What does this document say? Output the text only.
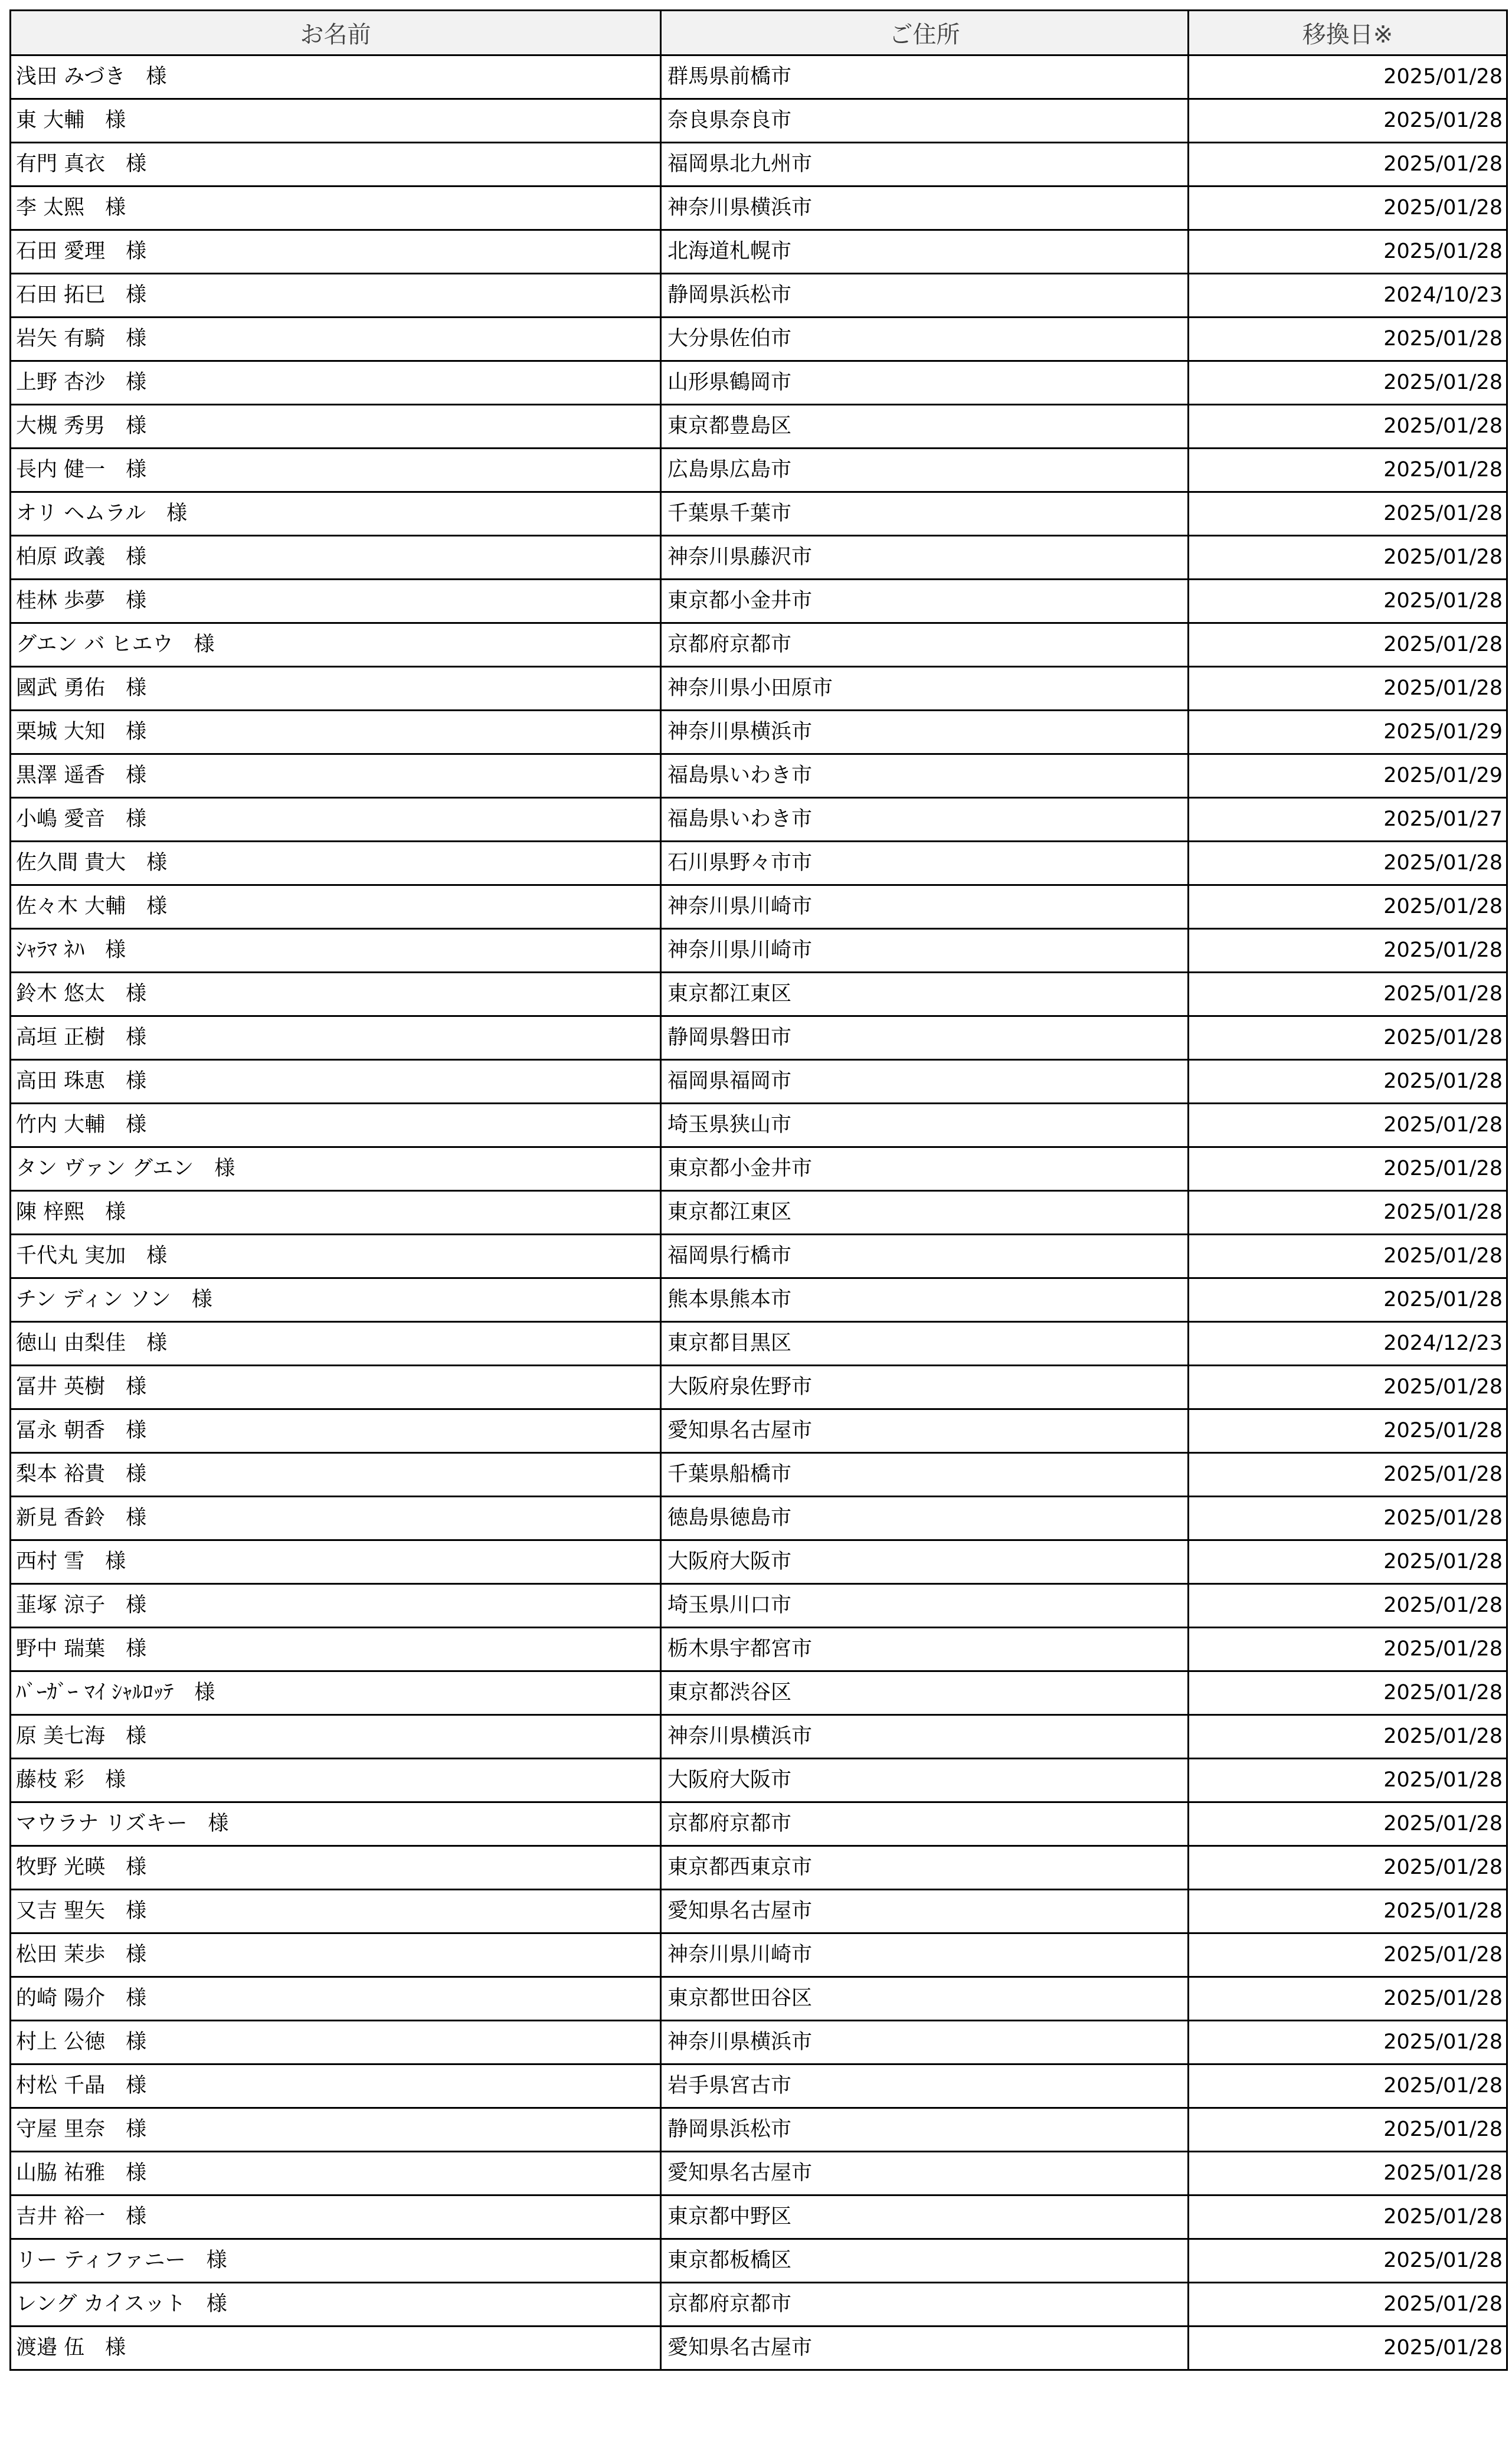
お名前	ご住所	移換日※
浅田 みづき　様	群馬県前橋市	2025/01/28
東 大輔　様	奈良県奈良市	2025/01/28
有門 真衣　様	福岡県北九州市	2025/01/28
李 太熙　様	神奈川県横浜市	2025/01/28
石田 愛理　様	北海道札幌市	2025/01/28
石田 拓巳　様	静岡県浜松市	2024/10/23
岩矢 有騎　様	大分県佐伯市	2025/01/28
上野 杏沙　様	山形県鶴岡市	2025/01/28
大槻 秀男　様	東京都豊島区	2025/01/28
長内 健一　様	広島県広島市	2025/01/28
オリ ヘムラル　様	千葉県千葉市	2025/01/28
柏原 政義　様	神奈川県藤沢市	2025/01/28
桂林 歩夢　様	東京都小金井市	2025/01/28
グエン バ ヒエウ　様	京都府京都市	2025/01/28
國武 勇佑　様	神奈川県小田原市	2025/01/28
栗城 大知　様	神奈川県横浜市	2025/01/29
黒澤 遥香　様	福島県いわき市	2025/01/29
小嶋 愛音　様	福島県いわき市	2025/01/27
佐久間 貴大　様	石川県野々市市	2025/01/28
佐々木 大輔　様	神奈川県川崎市	2025/01/28
ｼｬﾗﾏ ﾈﾊ　様	神奈川県川崎市	2025/01/28
鈴木 悠太　様	東京都江東区	2025/01/28
高垣 正樹　様	静岡県磐田市	2025/01/28
高田 珠恵　様	福岡県福岡市	2025/01/28
竹内 大輔　様	埼玉県狭山市	2025/01/28
タン ヴァン グエン　様	東京都小金井市	2025/01/28
陳 梓熙　様	東京都江東区	2025/01/28
千代丸 実加　様	福岡県行橋市	2025/01/28
チン ディン ソン　様	熊本県熊本市	2025/01/28
徳山 由梨佳　様	東京都目黒区	2024/12/23
冨井 英樹　様	大阪府泉佐野市	2025/01/28
冨永 朝香　様	愛知県名古屋市	2025/01/28
梨本 裕貴　様	千葉県船橋市	2025/01/28
新見 香鈴　様	徳島県徳島市	2025/01/28
西村 雪　様	大阪府大阪市	2025/01/28
韮塚 涼子　様	埼玉県川口市	2025/01/28
野中 瑞葉　様	栃木県宇都宮市	2025/01/28
ﾊﾞｰｶﾞｰ ﾏｲ ｼｬﾙﾛｯﾃ　様	東京都渋谷区	2025/01/28
原 美七海　様	神奈川県横浜市	2025/01/28
藤枝 彩　様	大阪府大阪市	2025/01/28
マウラナ リズキー　様	京都府京都市	2025/01/28
牧野 光暎　様	東京都西東京市	2025/01/28
又吉 聖矢　様	愛知県名古屋市	2025/01/28
松田 茉歩　様	神奈川県川崎市	2025/01/28
的崎 陽介　様	東京都世田谷区	2025/01/28
村上 公徳　様	神奈川県横浜市	2025/01/28
村松 千晶　様	岩手県宮古市	2025/01/28
守屋 里奈　様	静岡県浜松市	2025/01/28
山脇 祐雅　様	愛知県名古屋市	2025/01/28
吉井 裕一　様	東京都中野区	2025/01/28
リー ティファニー　様	東京都板橋区	2025/01/28
レング カイスット　様	京都府京都市	2025/01/28
渡邉 伍　様	愛知県名古屋市	2025/01/28
